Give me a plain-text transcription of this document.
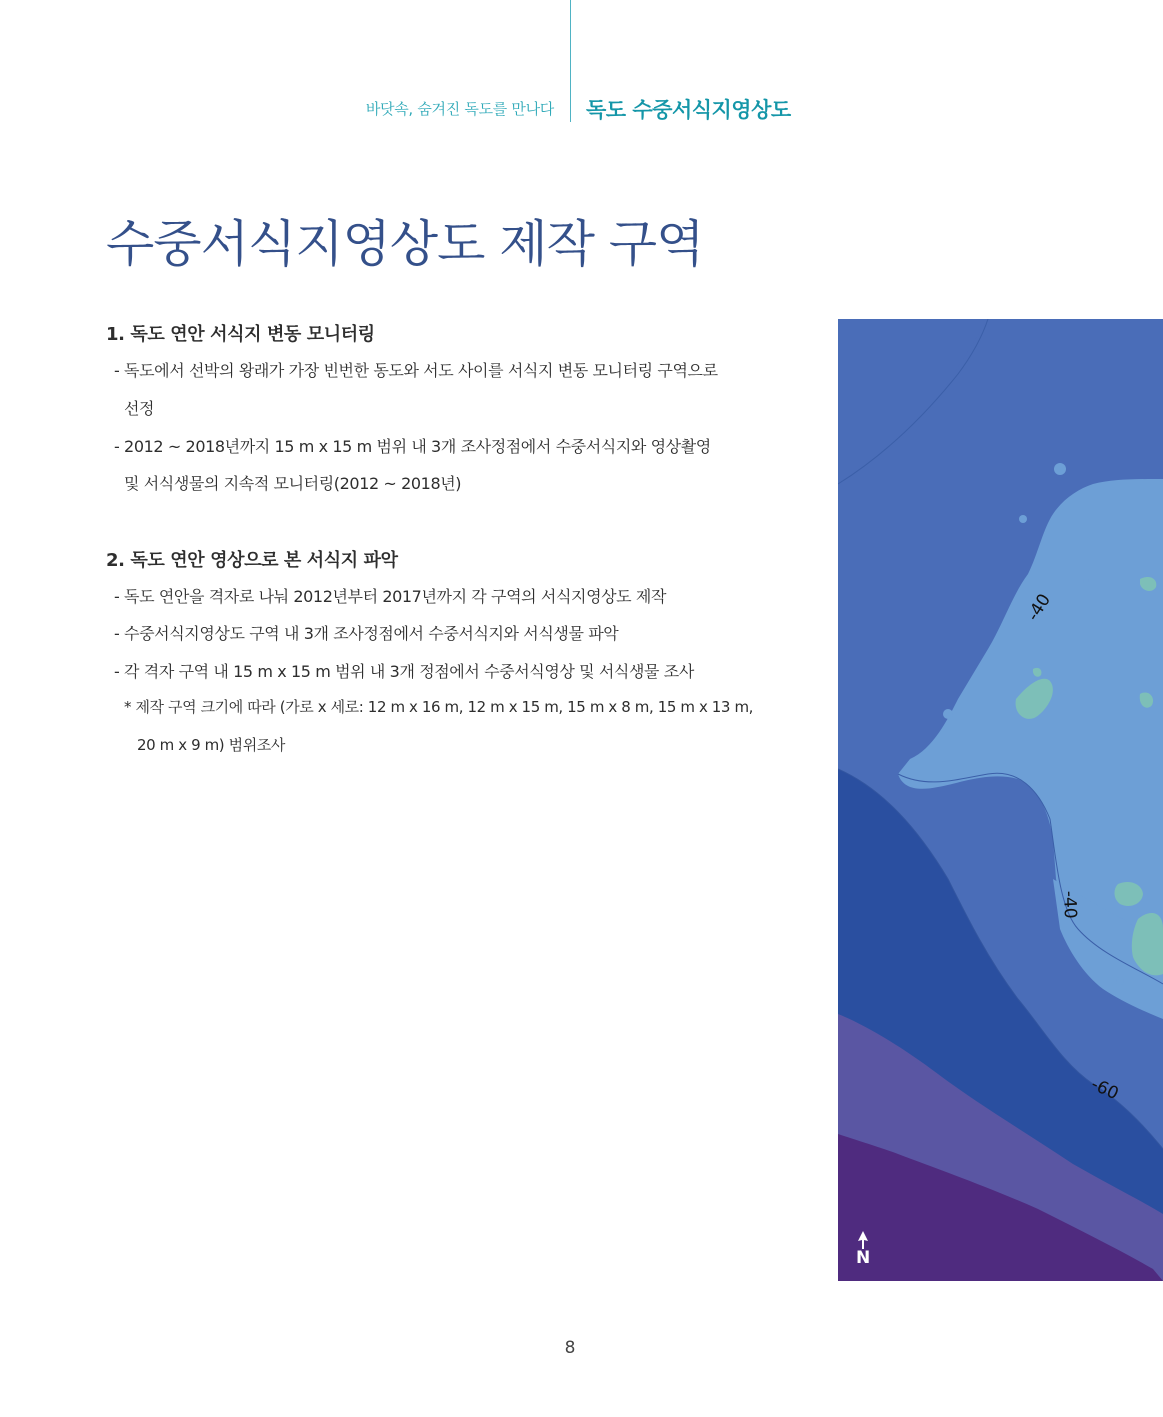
바닷속, 숨겨진 독도를 만나다 독도 수중서식지영상도
수중서식지영상도 제작 구역
1. 독도 연안 서식지 변동 모니터링
- 독도에서 선박의 왕래가 가장 빈번한 동도와 서도 사이를 서식지 변동 모니터링 구역으로
선정
- 2012 ~ 2018년까지 15 m x 15 m 범위 내 3개 조사정점에서 수중서식지와 영상촬영
및 서식생물의 지속적 모니터링(2012 ~ 2018년)
2. 독도 연안 영상으로 본 서식지 파악
- 독도 연안을 격자로 나눠 2012년부터 2017년까지 각 구역의 서식지영상도 제작
- 수중서식지영상도 구역 내 3개 조사정점에서 수중서식지와 서식생물 파악
- 각 격자 구역 내 15 m x 15 m 범위 내 3개 정점에서 수중서식영상 및 서식생물 조사
* 제작 구역 크기에 따라 (가로 x 세로: 12 m x 16 m, 12 m x 15 m, 15 m x 8 m, 15 m x 13 m,
20 m x 9 m) 범위조사
-40
-40
-60
N
8
